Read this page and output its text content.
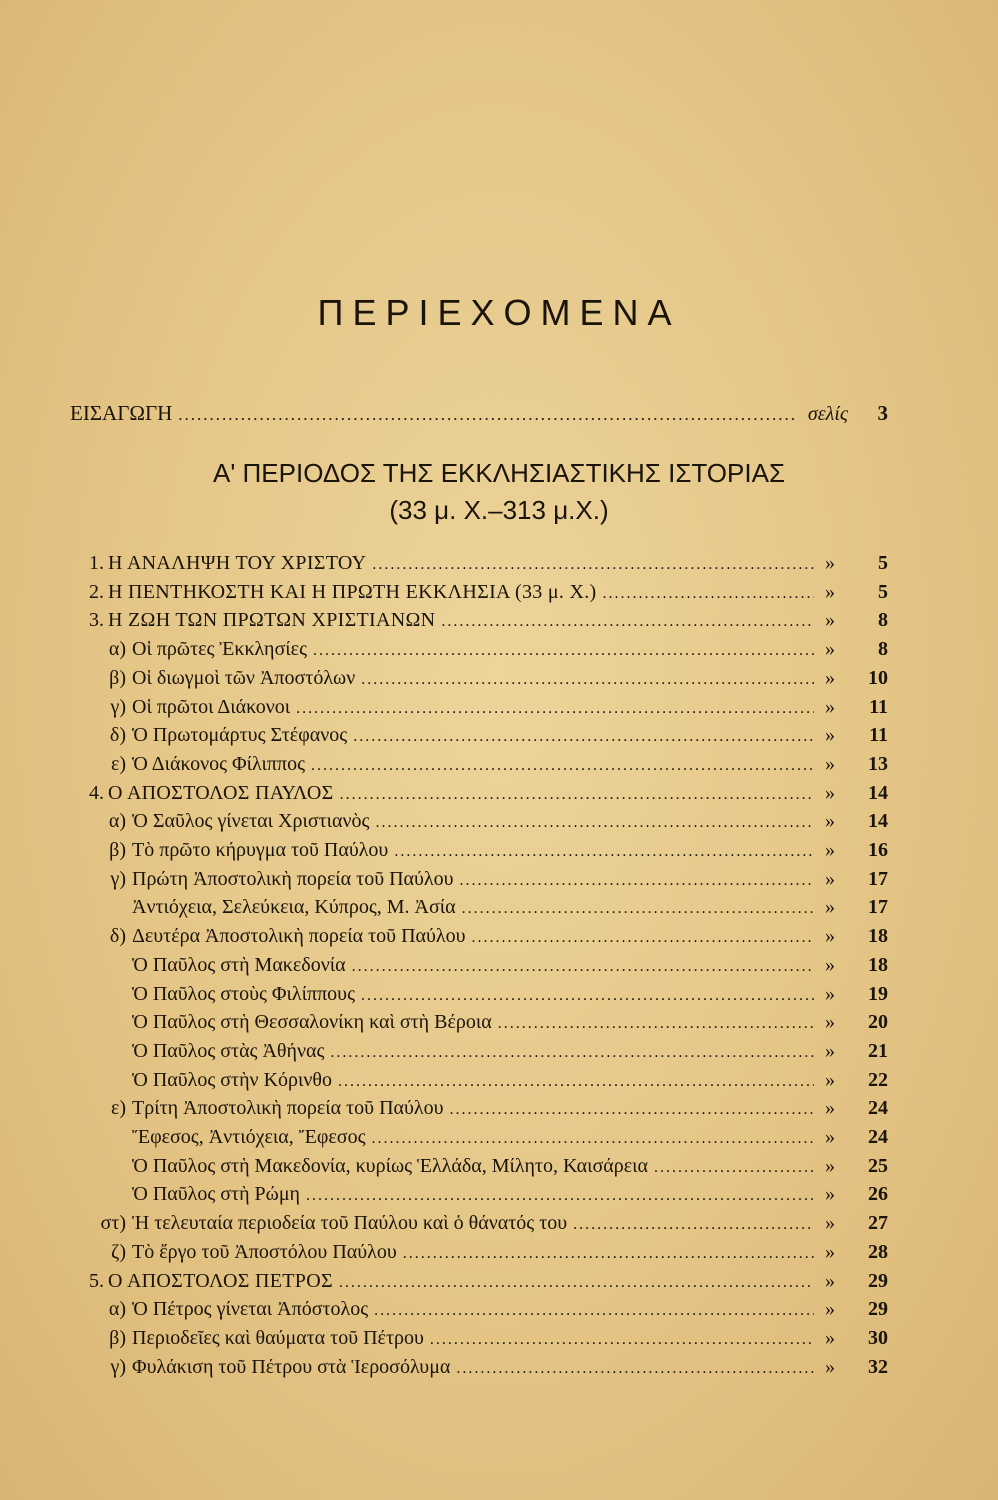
ΠΕΡΙΕΧΟΜΕΝΑ
ΕΙΣΑΓΩΓΗ .....	σελίς	3
Α' ΠΕΡΙΟΔΟΣ ΤΗΣ ΕΚΚΛΗΣΙΑΣΤΙΚΗΣ ΙΣΤΟΡΙΑΣ
(33 μ. Χ.–313 μ.Χ.)
1. Η ΑΝΑΛΗΨΗ ΤΟΥ ΧΡΙΣΤΟΥ .....	»	5
2. Η ΠΕΝΤΗΚΟΣΤΗ ΚΑΙ Η ΠΡΩΤΗ ΕΚΚΛΗΣΙΑ (33 μ. Χ.) .....	»	5
3. Η ΖΩΗ ΤΩΝ ΠΡΩΤΩΝ ΧΡΙΣΤΙΑΝΩΝ .....	»	8
α) Οἱ πρῶτες Ἐκκλησίες .....	»	8
β) Οἱ διωγμοὶ τῶν Ἀποστόλων .....	»	10
γ) Οἱ πρῶτοι Διάκονοι .....	»	11
δ) Ὁ Πρωτομάρτυς Στέφανος .....	»	11
ε) Ὁ Διάκονος Φίλιππος .....	»	13
4. Ο ΑΠΟΣΤΟΛΟΣ ΠΑΥΛΟΣ .....	»	14
α) Ὁ Σαῦλος γίνεται Χριστιανὸς .....	»	14
β) Τὸ πρῶτο κήρυγμα τοῦ Παύλου .....	»	16
γ) Πρώτη Ἀποστολικὴ πορεία τοῦ Παύλου .....	»	17
Ἀντιόχεια, Σελεύκεια, Κύπρος, Μ. Ἀσία .....	»	17
δ) Δευτέρα Ἀποστολικὴ πορεία τοῦ Παύλου .....	»	18
Ὁ Παῦλος στὴ Μακεδονία .....	»	18
Ὁ Παῦλος στοὺς Φιλίππους .....	»	19
Ὁ Παῦλος στὴ Θεσσαλονίκη καὶ στὴ Βέροια .....	»	20
Ὁ Παῦλος στὰς Ἀθήνας .....	»	21
Ὁ Παῦλος στὴν Κόρινθο .....	»	22
ε) Τρίτη Ἀποστολικὴ πορεία τοῦ Παύλου .....	»	24
Ἔφεσος, Ἀντιόχεια, Ἔφεσος .....	»	24
Ὁ Παῦλος στὴ Μακεδονία, κυρίως Ἑλλάδα, Μίλητο, Καισάρεια .....	»	25
Ὁ Παῦλος στὴ Ρώμη .....	»	26
στ) Ἡ τελευταία περιοδεία τοῦ Παύλου καὶ ὁ θάνατός του .....	»	27
ζ) Τὸ ἔργο τοῦ Ἀποστόλου Παύλου .....	»	28
5. Ο ΑΠΟΣΤΟΛΟΣ ΠΕΤΡΟΣ .....	»	29
α) Ὁ Πέτρος γίνεται Ἀπόστολος .....	»	29
β) Περιοδεῖες καὶ θαύματα τοῦ Πέτρου .....	»	30
γ) Φυλάκιση τοῦ Πέτρου στὰ Ἱεροσόλυμα .....	»	32
